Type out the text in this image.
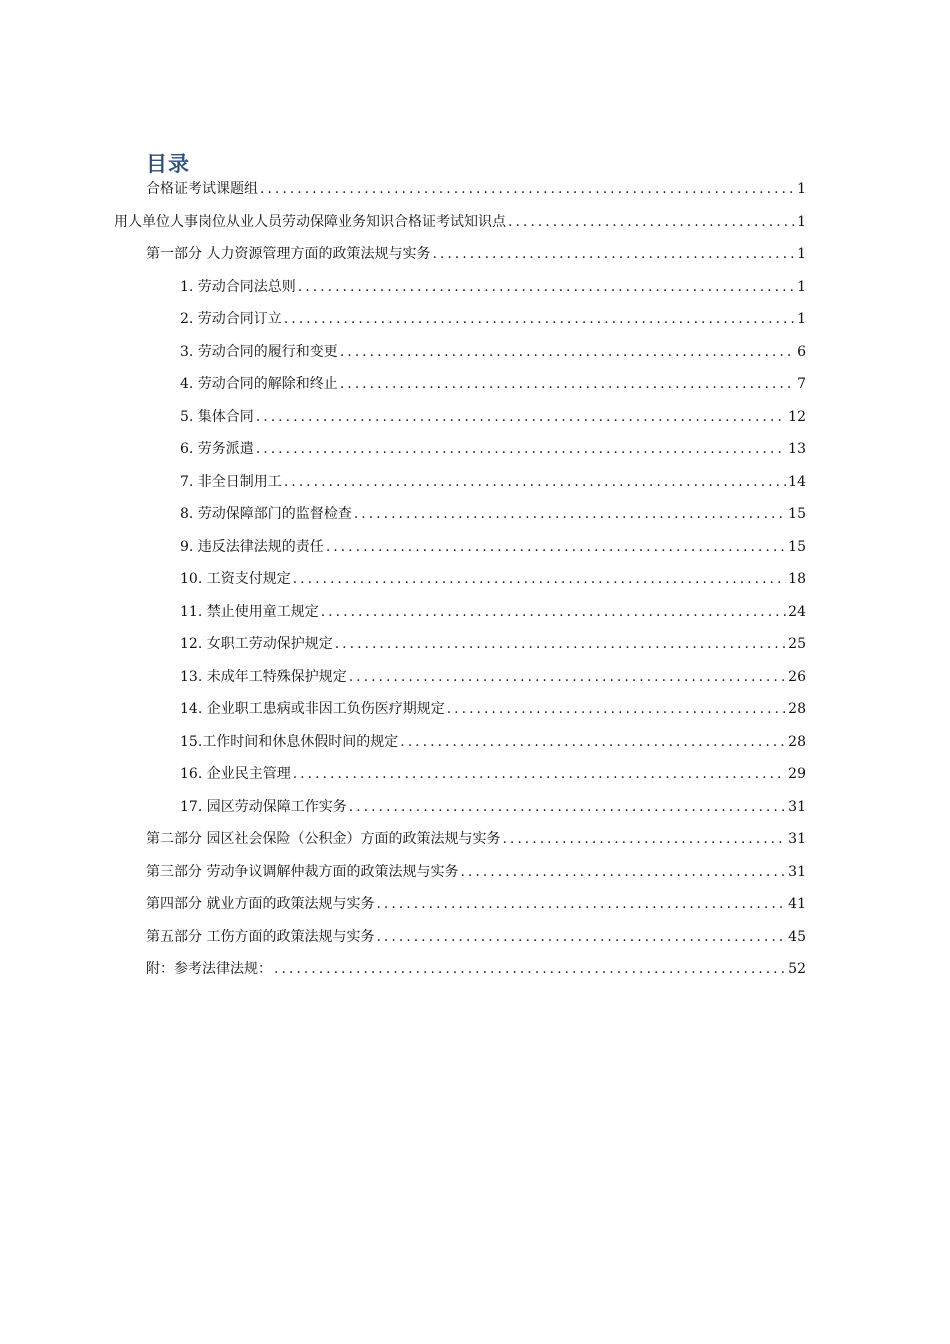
目录
合格证考试课题组 .....	1
用人单位人事岗位从业人员劳动保障业务知识合格证考试知识点 .....	1
第一部分 人力资源管理方面的政策法规与实务 .....	1
1. 劳动合同法总则 .....	1
2. 劳动合同订立 .....	1
3. 劳动合同的履行和变更 .....	6
4. 劳动合同的解除和终止 .....	7
5. 集体合同 .....	12
6. 劳务派遣 .....	13
7. 非全日制用工 .....	14
8. 劳动保障部门的监督检查 .....	15
9. 违反法律法规的责任 .....	15
10. 工资支付规定 .....	18
11. 禁止使用童工规定 .....	24
12. 女职工劳动保护规定 .....	25
13. 未成年工特殊保护规定 .....	26
14. 企业职工患病或非因工负伤医疗期规定 .....	28
15.工作时间和休息休假时间的规定 .....	28
16. 企业民主管理 .....	29
17. 园区劳动保障工作实务 .....	31
第二部分 园区社会保险（公积金）方面的政策法规与实务 .....	31
第三部分 劳动争议调解仲裁方面的政策法规与实务 .....	31
第四部分 就业方面的政策法规与实务 .....	41
第五部分 工伤方面的政策法规与实务 .....	45
附：参考法律法规： .....	52
